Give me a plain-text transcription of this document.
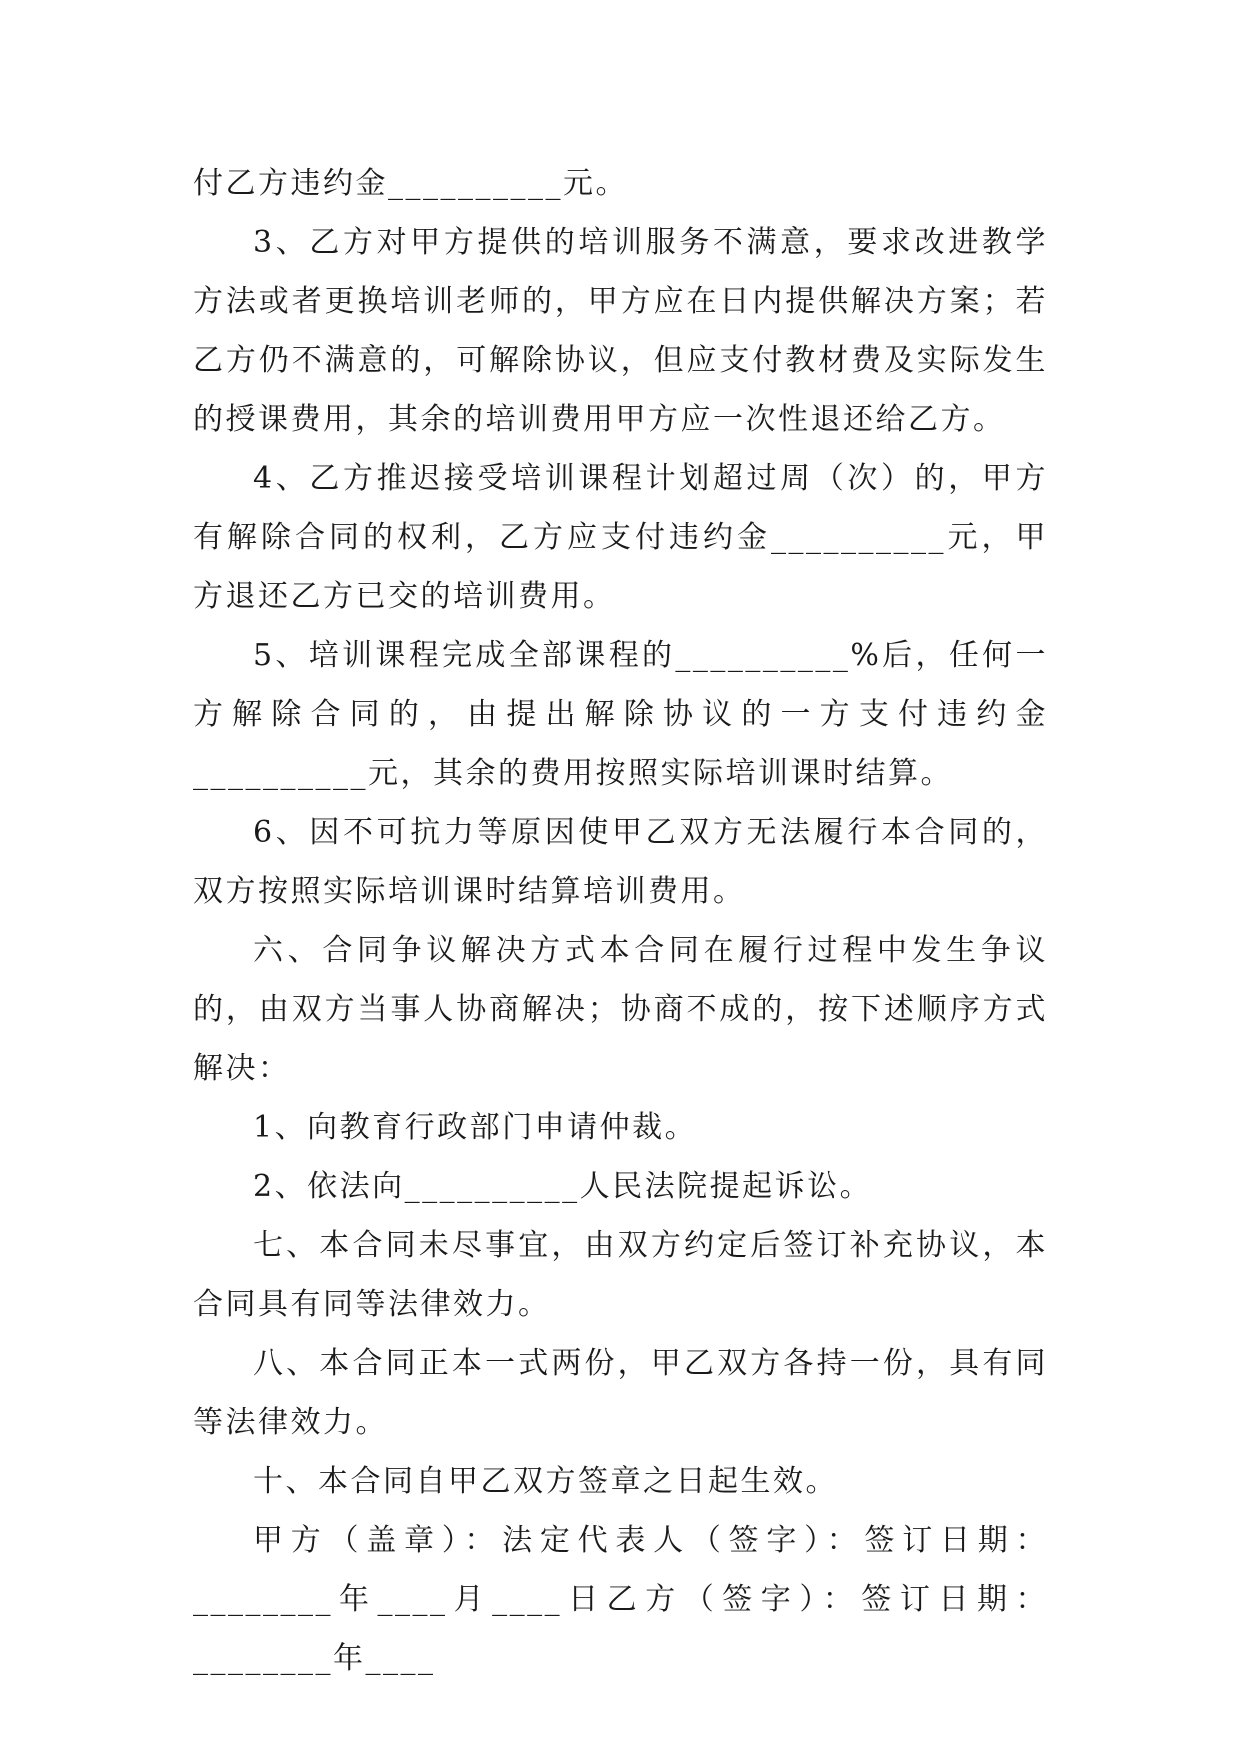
付乙方违约金__________元。

3、乙方对甲方提供的培训服务不满意，要求改进教学方法或者更换培训老师的，甲方应在日内提供解决方案；若乙方仍不满意的，可解除协议，但应支付教材费及实际发生的授课费用，其余的培训费用甲方应一次性退还给乙方。

4、乙方推迟接受培训课程计划超过周（次）的，甲方有解除合同的权利，乙方应支付违约金__________元，甲方退还乙方已交的培训费用。

5、培训课程完成全部课程的__________%后，任何一方解除合同的，由提出解除协议的一方支付违约金__________元，其余的费用按照实际培训课时结算。

6、因不可抗力等原因使甲乙双方无法履行本合同的，双方按照实际培训课时结算培训费用。

六、合同争议解决方式本合同在履行过程中发生争议的，由双方当事人协商解决；协商不成的，按下述顺序方式解决：

1、向教育行政部门申请仲裁。

2、依法向__________人民法院提起诉讼。

七、本合同未尽事宜，由双方约定后签订补充协议，本合同具有同等法律效力。

八、本合同正本一式两份，甲乙双方各持一份，具有同等法律效力。

十、本合同自甲乙双方签章之日起生效。

甲方（盖章）：法定代表人（签字）：签订日期：________年____月____日乙方（签字）：签订日期：________年____
